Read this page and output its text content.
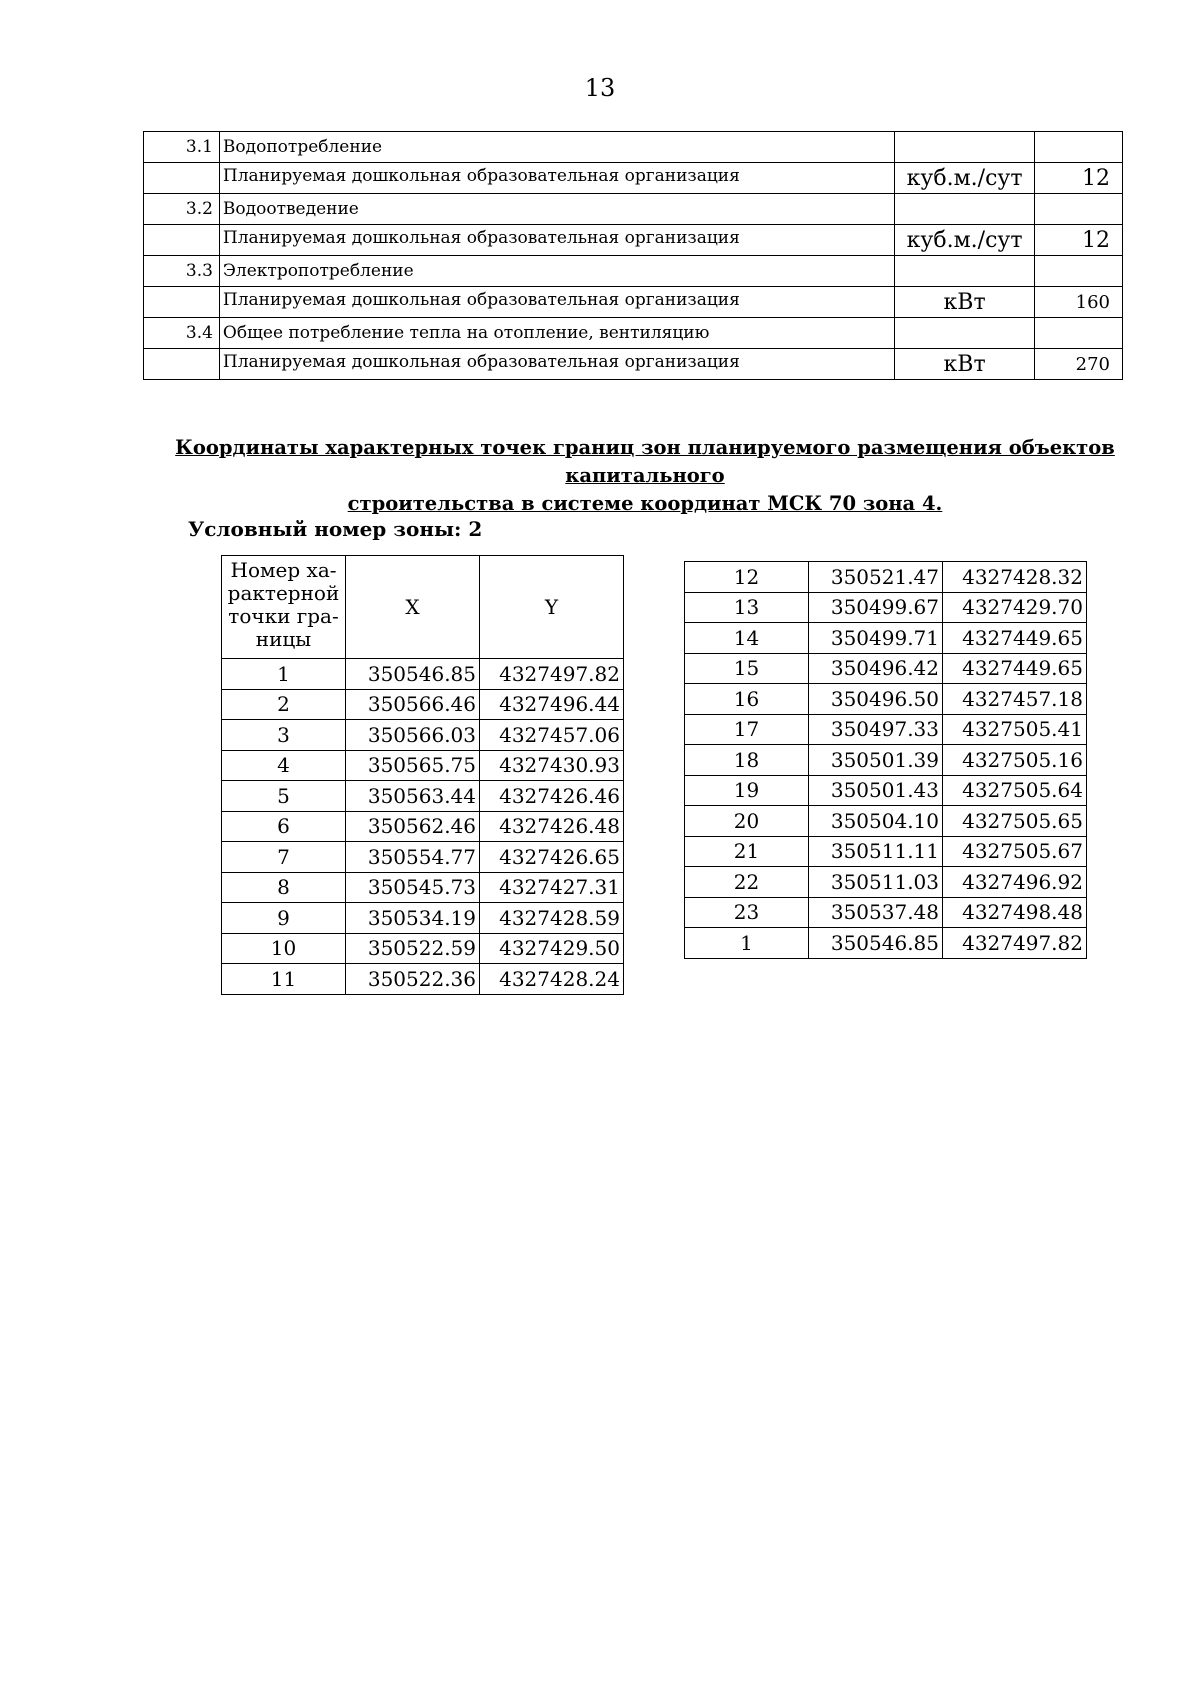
13
3.1	Водопотребление		
	Планируемая дошкольная образовательная организация	куб.м./сут	12
3.2	Водоотведение		
	Планируемая дошкольная образовательная организация	куб.м./сут	12
3.3	Электропотребление		
	Планируемая дошкольная образовательная организация	кВт	160
3.4	Общее потребление тепла на отопление, вентиляцию		
	Планируемая дошкольная образовательная организация	кВт	270
Координаты характерных точек границ зон планируемого размещения объектов капитального
строительства в системе координат МСК 70 зона 4.
Условный номер зоны: 2
Номер ха-
рактерной
точки гра-
ницы	X	Y
1	350546.85	4327497.82
2	350566.46	4327496.44
3	350566.03	4327457.06
4	350565.75	4327430.93
5	350563.44	4327426.46
6	350562.46	4327426.48
7	350554.77	4327426.65
8	350545.73	4327427.31
9	350534.19	4327428.59
10	350522.59	4327429.50
11	350522.36	4327428.24
12	350521.47	4327428.32
13	350499.67	4327429.70
14	350499.71	4327449.65
15	350496.42	4327449.65
16	350496.50	4327457.18
17	350497.33	4327505.41
18	350501.39	4327505.16
19	350501.43	4327505.64
20	350504.10	4327505.65
21	350511.11	4327505.67
22	350511.03	4327496.92
23	350537.48	4327498.48
1	350546.85	4327497.82
